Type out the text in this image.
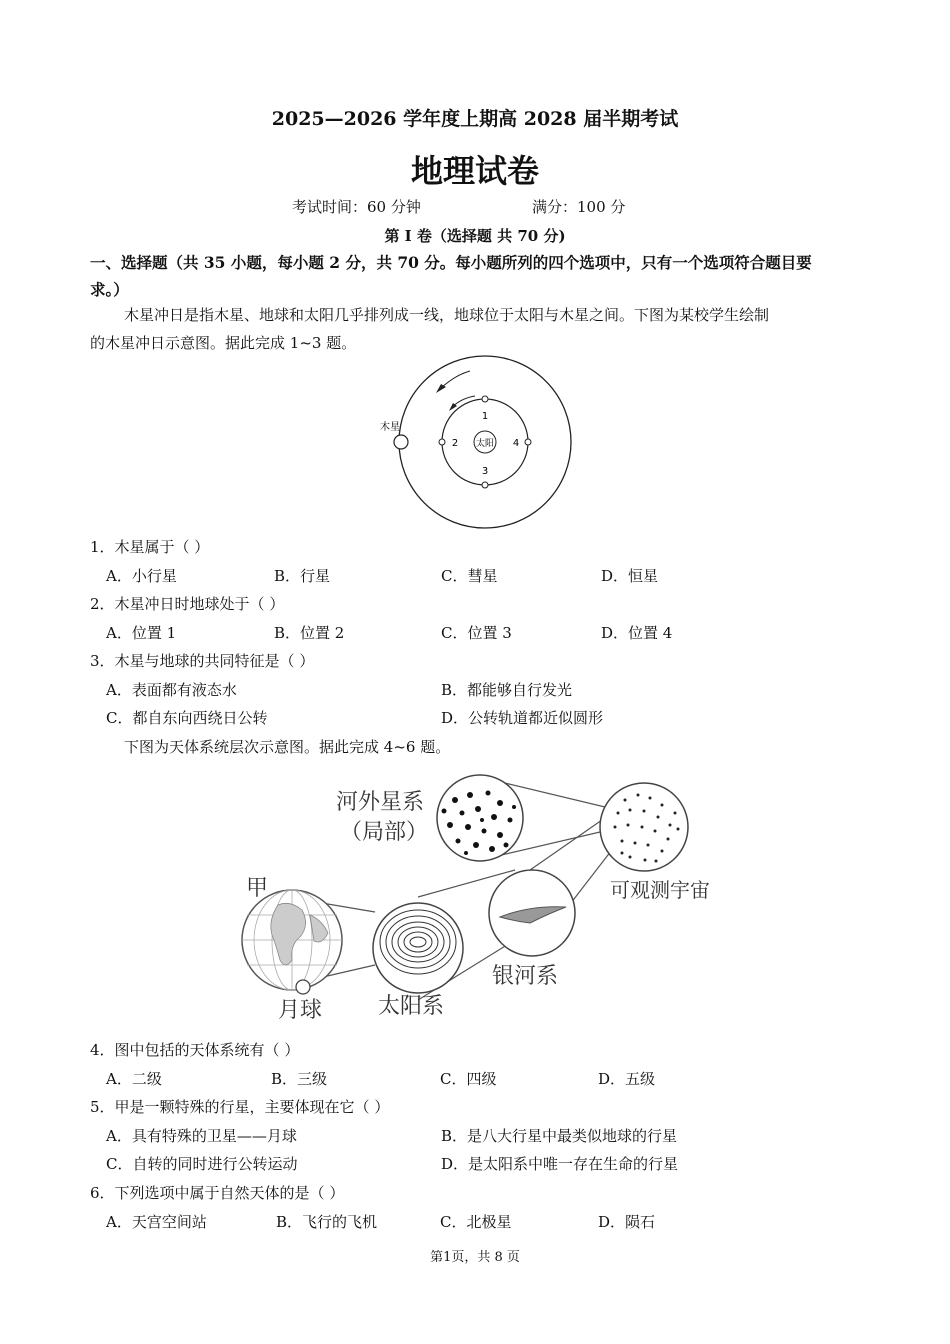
2025—2026 学年度上期高 2028 届半期考试
地理试卷
考试时间：60 分钟	满分：100 分
第 I 卷（选择题 共 70 分)
一、选择题（共 35 小题，每小题 2 分，共 70 分。每小题所列的四个选项中，只有一个选项符合题目要
求。）
木星冲日是指木星、地球和太阳几乎排列成一线，地球位于太阳与木星之间。下图为某校学生绘制
的木星冲日示意图。据此完成 1~3 题。
太阳
1
2
3
4
木星
1．木星属于（ ）
A．小行星	B．行星	C．彗星	D．恒星
2．木星冲日时地球处于（ ）
A．位置 1	B．位置 2	C．位置 3	D．位置 4
3．木星与地球的共同特征是（ ）
A．表面都有液态水	B．都能够自行发光
C．都自东向西绕日公转	D．公转轨道都近似圆形
下图为天体系统层次示意图。据此完成 4~6 题。
河外星系
（局部）
可观测宇宙
甲
月球	太阳系
银河系
4．图中包括的天体系统有（ ）
A．二级	B．三级	C．四级	D．五级
5．甲是一颗特殊的行星，主要体现在它（ ）
A．具有特殊的卫星——月球	B．是八大行星中最类似地球的行星
C．自转的同时进行公转运动	D．是太阳系中唯一存在生命的行星
6．下列选项中属于自然天体的是（ ）
A．天宫空间站	B．飞行的飞机	C．北极星	D．陨石
第1页，共 8 页
